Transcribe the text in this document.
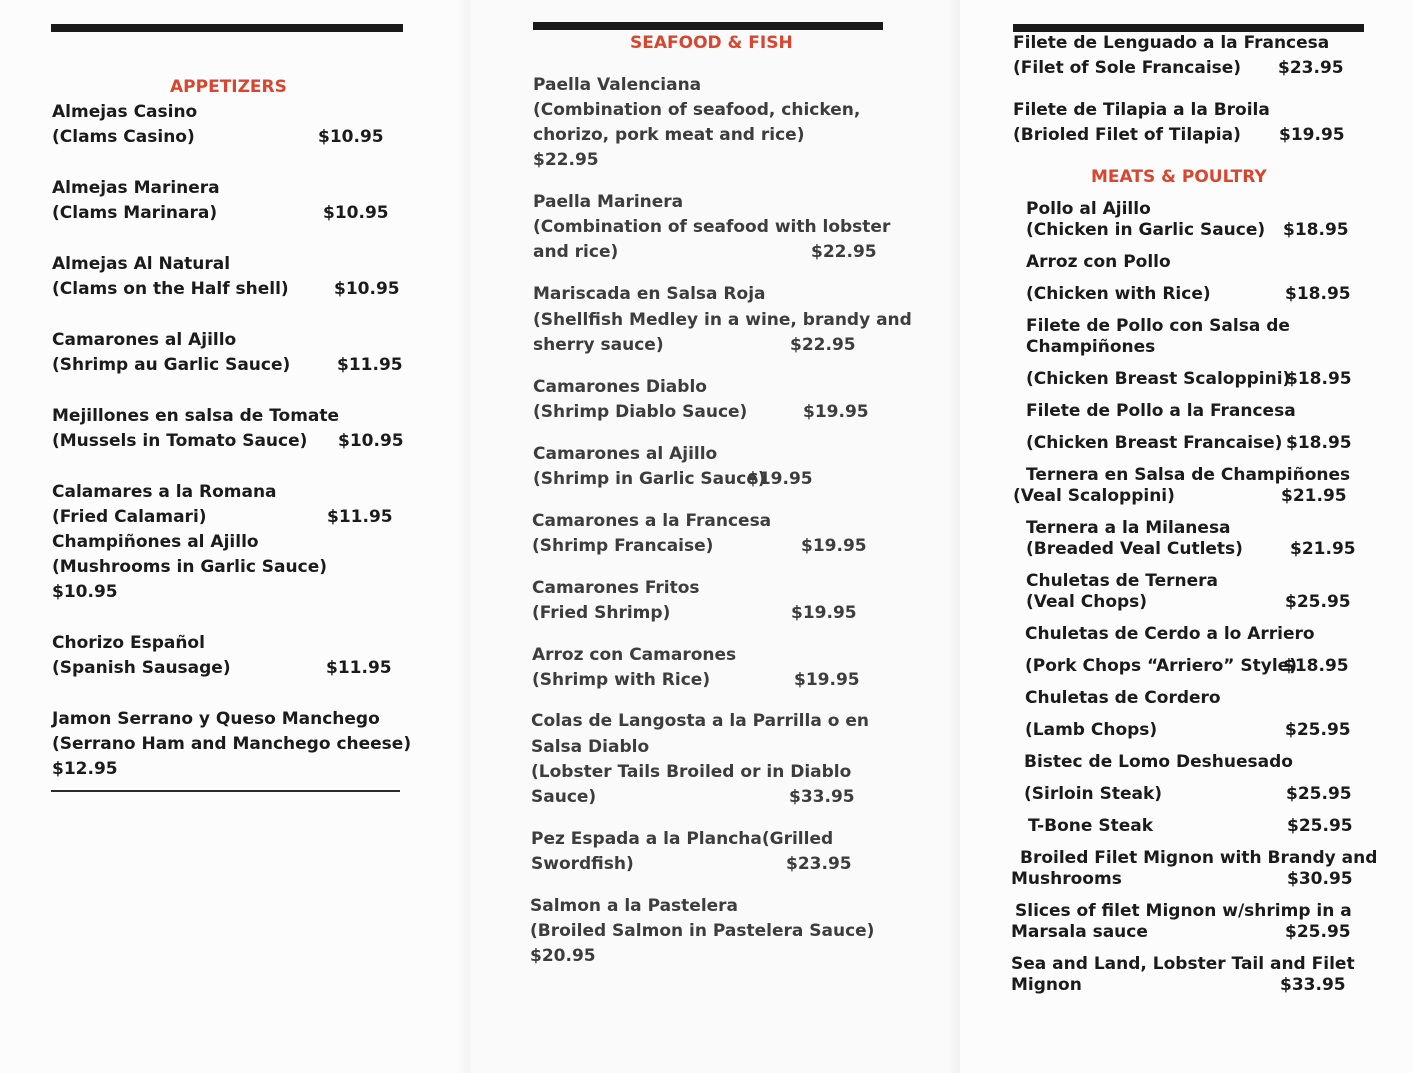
APPETIZERS
Almejas Casino
(Clams Casino)	$10.95
Almejas Marinera
(Clams Marinara)	$10.95
Almejas Al Natural
(Clams on the Half shell)	$10.95
Camarones al Ajillo
(Shrimp au Garlic Sauce)	$11.95
Mejillones en salsa de Tomate
(Mussels in Tomato Sauce) $10.95
Calamares a la Romana
(Fried Calamari)	$11.95
Champiñones al Ajillo
(Mushrooms in Garlic Sauce)
$10.95
Chorizo Español
(Spanish Sausage)	$11.95
Jamon Serrano y Queso Manchego
(Serrano Ham and Manchego cheese)
$12.95
SEAFOOD & FISH
Paella Valenciana
(Combination of seafood, chicken,
chorizo, pork meat and rice)
$22.95
Paella Marinera
(Combination of seafood with lobster
and rice)	$22.95
Mariscada en Salsa Roja
(Shellfish Medley in a wine, brandy and
sherry sauce)	$22.95
Camarones Diablo
(Shrimp Diablo Sauce)	$19.95
Camarones al Ajillo
(Shrimp in Garlic Sauce)
$19.95
Camarones a la Francesa
(Shrimp Francaise)	$19.95
Camarones Fritos
(Fried Shrimp)	$19.95
Arroz con Camarones
(Shrimp with Rice)	$19.95
Colas de Langosta a la Parrilla o en
Salsa Diablo
(Lobster Tails Broiled or in Diablo
Sauce)	$33.95
Pez Espada a la Plancha(Grilled
Swordfish)	$23.95
Salmon a la Pastelera
(Broiled Salmon in Pastelera Sauce)
$20.95
Filete de Lenguado a la Francesa
(Filet of Sole Francaise) $23.95
Filete de Tilapia a la Broila
(Brioled Filet of Tilapia) $19.95
MEATS & POULTRY
Pollo al Ajillo
(Chicken in Garlic Sauce) $18.95
Arroz con Pollo
(Chicken with Rice)	$18.95
Filete de Pollo con Salsa de
Champiñones
(Chicken Breast Scaloppini)
$18.95
Filete de Pollo a la Francesa
(Chicken Breast Francaise) $18.95
Ternera en Salsa de Champiñones
(Veal Scaloppini)	$21.95
Ternera a la Milanesa
(Breaded Veal Cutlets)	$21.95
Chuletas de Ternera
(Veal Chops)	$25.95
Chuletas de Cerdo a lo Arriero
(Pork Chops “Arriero” Style)
$18.95
Chuletas de Cordero
(Lamb Chops)	$25.95
Bistec de Lomo Deshuesado
(Sirloin Steak)	$25.95
T-Bone Steak	$25.95
Broiled Filet Mignon with Brandy and
Mushrooms	$30.95
Slices of filet Mignon w/shrimp in a
Marsala sauce	$25.95
Sea and Land, Lobster Tail and Filet
Mignon	$33.95
